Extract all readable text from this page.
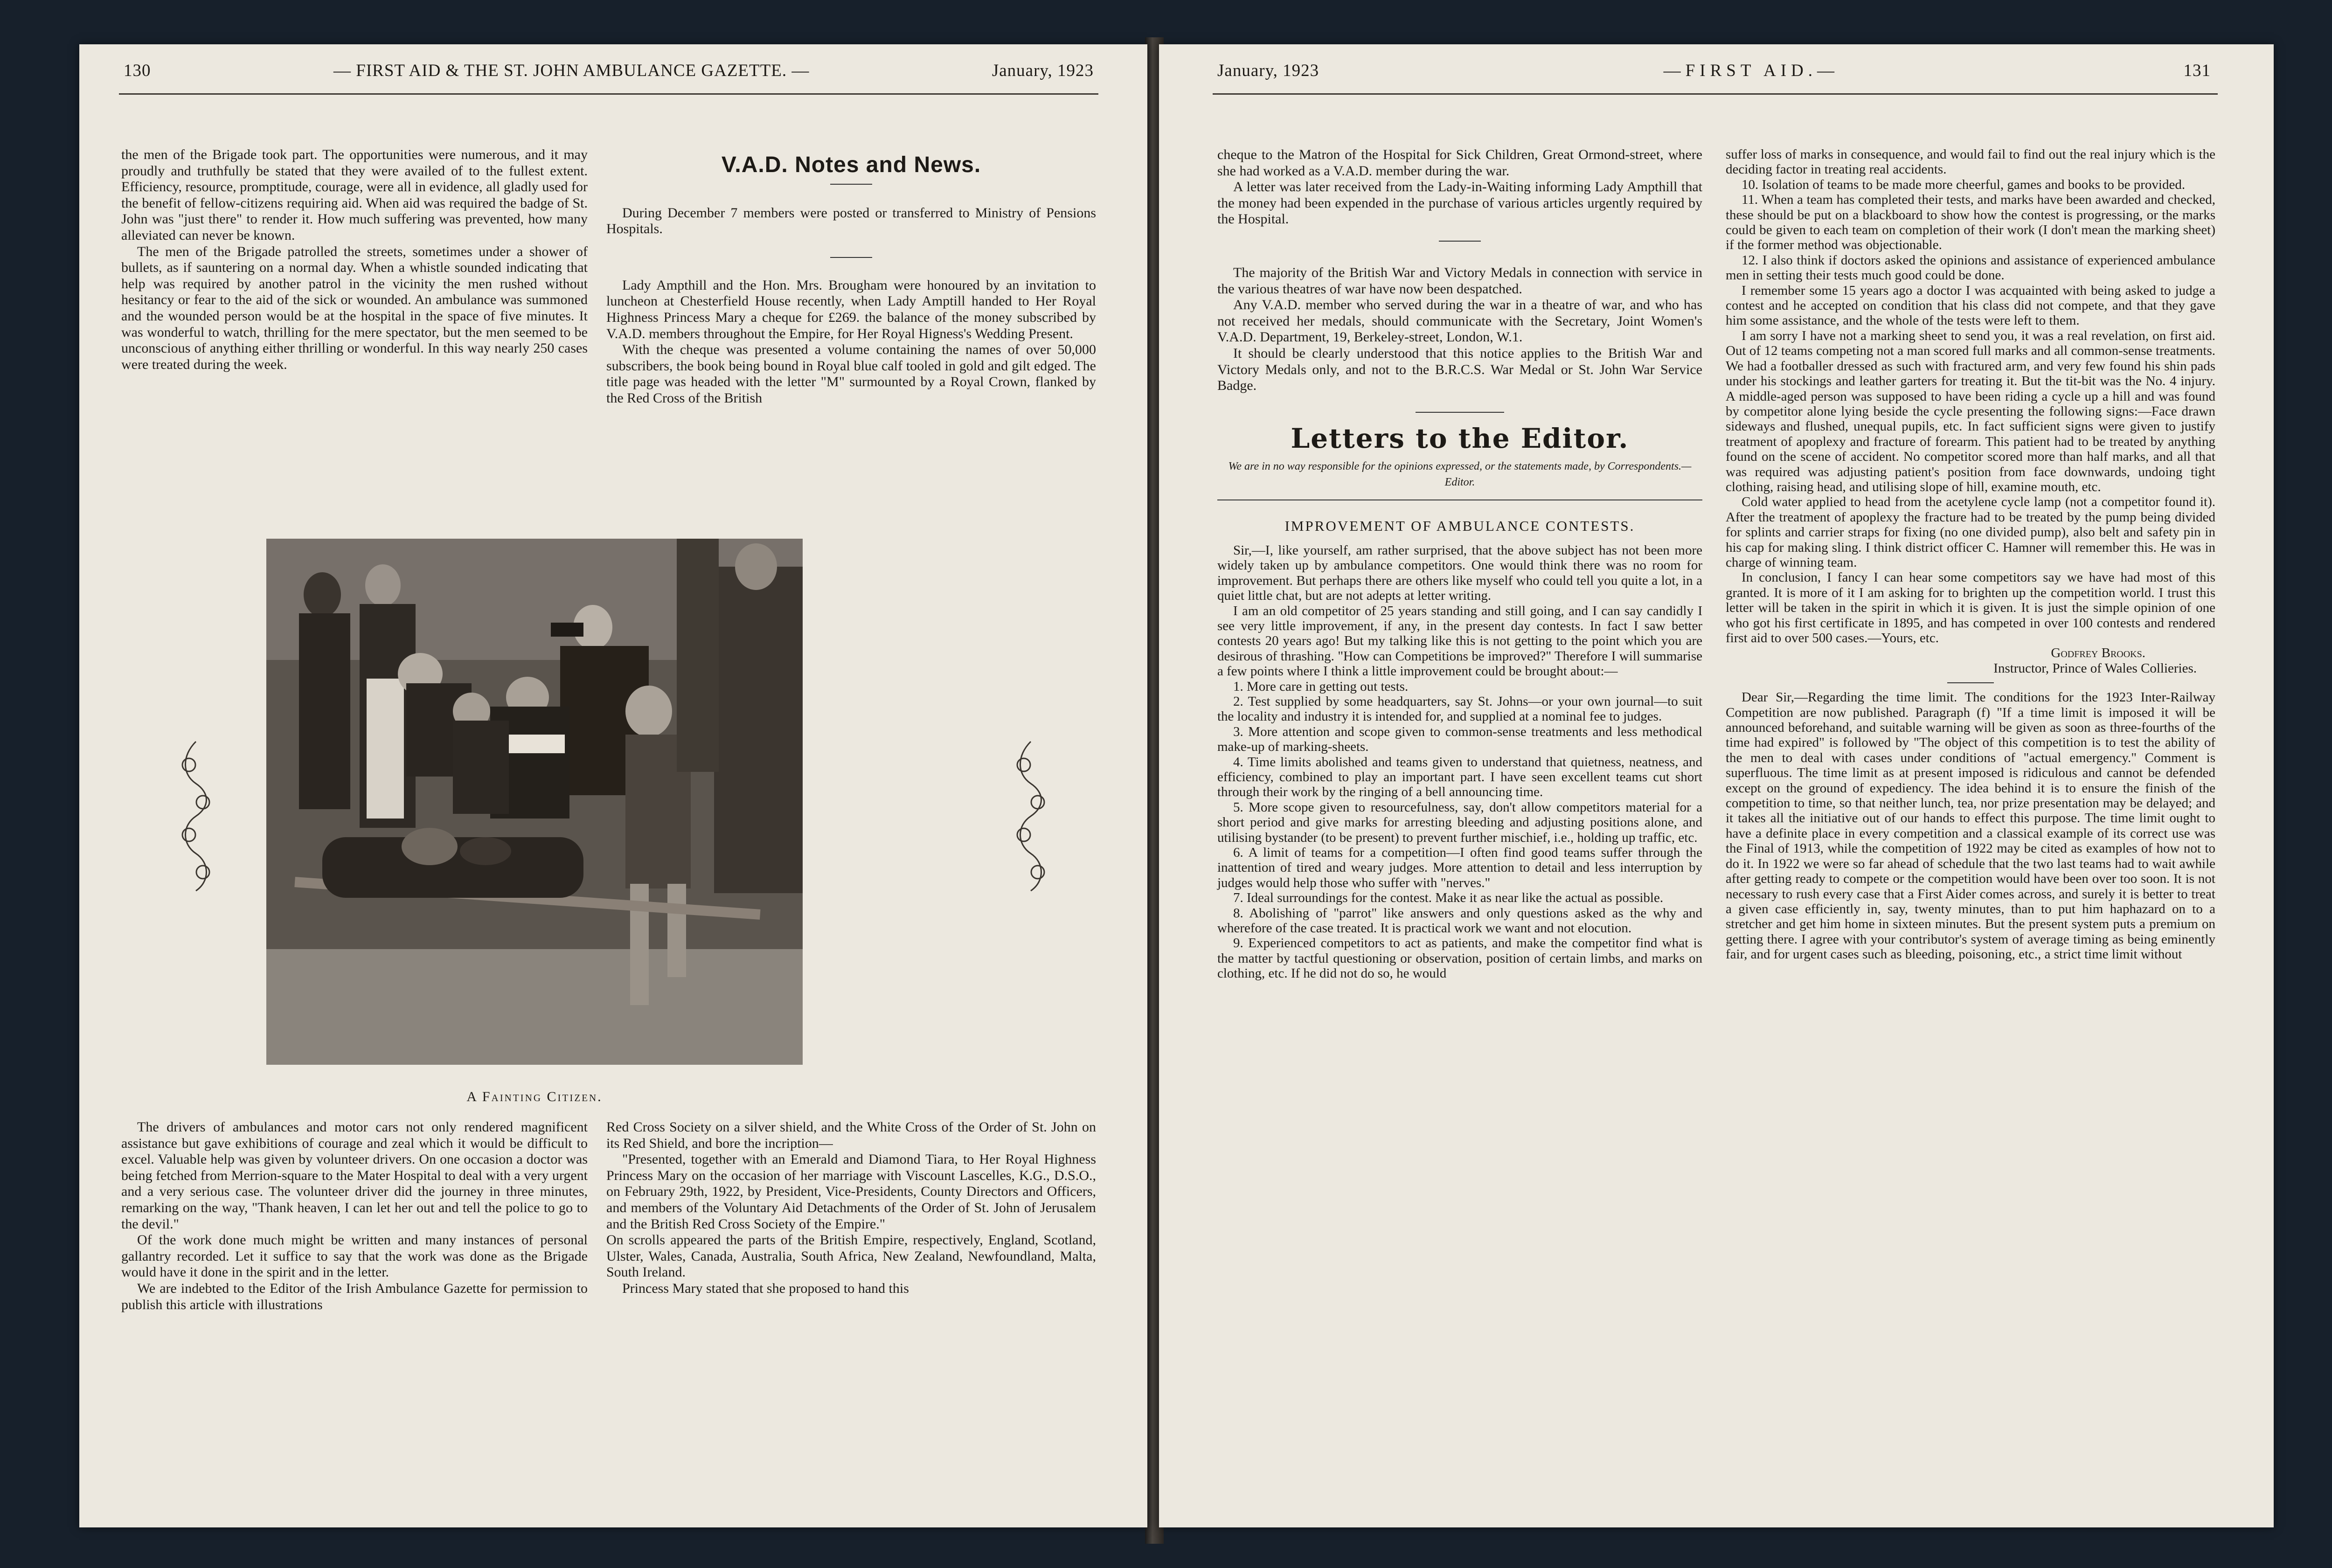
130	— FIRST AID & THE ST. JOHN AMBULANCE GAZETTE. —	January, 1923

the men of the Brigade took part. The opportunities were numerous, and it may proudly and truthfully be stated that they were availed of to the fullest extent. Efficiency, resource, promptitude, courage, were all in evidence, all gladly used for the benefit of fellow-citizens requiring aid. When aid was required the badge of St. John was "just there" to render it. How much suffering was prevented, how many alleviated can never be known.

The men of the Brigade patrolled the streets, sometimes under a shower of bullets, as if sauntering on a normal day. When a whistle sounded indicating that help was required by another patrol in the vicinity the men rushed without hesitancy or fear to the aid of the sick or wounded. An ambulance was summoned and the wounded person would be at the hospital in the space of five minutes. It was wonderful to watch, thrilling for the mere spectator, but the men seemed to be unconscious of anything either thrilling or wonderful. In this way nearly 250 cases were treated during the week.

V.A.D. Notes and News.

During December 7 members were posted or transferred to Ministry of Pensions Hospitals.

Lady Ampthill and the Hon. Mrs. Brougham were honoured by an invitation to luncheon at Chesterfield House recently, when Lady Amptill handed to Her Royal Highness Princess Mary a cheque for £269. the balance of the money subscribed by V.A.D. members throughout the Empire, for Her Royal Higness's Wedding Present.

With the cheque was presented a volume containing the names of over 50,000 subscribers, the book being bound in Royal blue calf tooled in gold and gilt edged. The title page was headed with the letter "M" surmounted by a Royal Crown, flanked by the Red Cross of the British

A Fainting Citizen.

The drivers of ambulances and motor cars not only rendered magnificent assistance but gave exhibitions of courage and zeal which it would be difficult to excel. Valuable help was given by volunteer drivers. On one occasion a doctor was being fetched from Merrion-square to the Mater Hospital to deal with a very urgent and a very serious case. The volunteer driver did the journey in three minutes, remarking on the way, "Thank heaven, I can let her out and tell the police to go to the devil."

Of the work done much might be written and many instances of personal gallantry recorded. Let it suffice to say that the work was done as the Brigade would have it done in the spirit and in the letter.

We are indebted to the Editor of the Irish Ambulance Gazette for permission to publish this article with illustrations

Red Cross Society on a silver shield, and the White Cross of the Order of St. John on its Red Shield, and bore the incription—

"Presented, together with an Emerald and Diamond Tiara, to Her Royal Highness Princess Mary on the occasion of her marriage with Viscount Lascelles, K.G., D.S.O., on February 29th, 1922, by President, Vice-Presidents, County Directors and Officers, and members of the Voluntary Aid Detachments of the Order of St. John of Jerusalem and the British Red Cross Society of the Empire."

On scrolls appeared the parts of the British Empire, respectively, England, Scotland, Ulster, Wales, Canada, Australia, South Africa, New Zealand, Newfoundland, Malta, South Ireland.

Princess Mary stated that she proposed to hand this

January, 1923	—FIRST AID.—	131

cheque to the Matron of the Hospital for Sick Children, Great Ormond-street, where she had worked as a V.A.D. member during the war.

A letter was later received from the Lady-in-Waiting informing Lady Ampthill that the money had been expended in the purchase of various articles urgently required by the Hospital.

The majority of the British War and Victory Medals in connection with service in the various theatres of war have now been despatched.

Any V.A.D. member who served during the war in a theatre of war, and who has not received her medals, should communicate with the Secretary, Joint Women's V.A.D. Department, 19, Berkeley-street, London, W.1.

It should be clearly understood that this notice applies to the British War and Victory Medals only, and not to the B.R.C.S. War Medal or St. John War Service Badge.

Letters to the Editor.
We are in no way responsible for the opinions expressed, or the statements made, by Correspondents.—Editor.
IMPROVEMENT OF AMBULANCE CONTESTS.

Sir,—I, like yourself, am rather surprised, that the above subject has not been more widely taken up by ambulance competitors. One would think there was no room for improvement. But perhaps there are others like myself who could tell you quite a lot, in a quiet little chat, but are not adepts at letter writing.

I am an old competitor of 25 years standing and still going, and I can say candidly I see very little improvement, if any, in the present day contests. In fact I saw better contests 20 years ago! But my talking like this is not getting to the point which you are desirous of thrashing. "How can Competitions be improved?" Therefore I will summarise a few points where I think a little improvement could be brought about:—

1. More care in getting out tests.

2. Test supplied by some headquarters, say St. Johns—or your own journal—to suit the locality and industry it is intended for, and supplied at a nominal fee to judges.

3. More attention and scope given to common-sense treatments and less methodical make-up of marking-sheets.

4. Time limits abolished and teams given to understand that quietness, neatness, and efficiency, combined to play an important part. I have seen excellent teams cut short through their work by the ringing of a bell announcing time.

5. More scope given to resourcefulness, say, don't allow competitors material for a short period and give marks for arresting bleeding and adjusting positions alone, and utilising bystander (to be present) to prevent further mischief, i.e., holding up traffic, etc.

6. A limit of teams for a competition—I often find good teams suffer through the inattention of tired and weary judges. More attention to detail and less interruption by judges would help those who suffer with "nerves."

7. Ideal surroundings for the contest. Make it as near like the actual as possible.

8. Abolishing of "parrot" like answers and only questions asked as the why and wherefore of the case treated. It is practical work we want and not elocution.

9. Experienced competitors to act as patients, and make the competitor find what is the matter by tactful questioning or observation, position of certain limbs, and marks on clothing, etc. If he did not do so, he would

suffer loss of marks in consequence, and would fail to find out the real injury which is the deciding factor in treating real accidents.

10. Isolation of teams to be made more cheerful, games and books to be provided.

11. When a team has completed their tests, and marks have been awarded and checked, these should be put on a blackboard to show how the contest is progressing, or the marks could be given to each team on completion of their work (I don't mean the marking sheet) if the former method was objectionable.

12. I also think if doctors asked the opinions and assistance of experienced ambulance men in setting their tests much good could be done.

I remember some 15 years ago a doctor I was acquainted with being asked to judge a contest and he accepted on condition that his class did not compete, and that they gave him some assistance, and the whole of the tests were left to them.

I am sorry I have not a marking sheet to send you, it was a real revelation, on first aid. Out of 12 teams competing not a man scored full marks and all common-sense treatments. We had a footballer dressed as such with fractured arm, and very few found his shin pads under his stockings and leather garters for treating it. But the tit-bit was the No. 4 injury. A middle-aged person was supposed to have been riding a cycle up a hill and was found by competitor alone lying beside the cycle presenting the following signs:—Face drawn sideways and flushed, unequal pupils, etc. In fact sufficient signs were given to justify treatment of apoplexy and fracture of forearm. This patient had to be treated by anything found on the scene of accident. No competitor scored more than half marks, and all that was required was adjusting patient's position from face downwards, undoing tight clothing, raising head, and utilising slope of hill, examine mouth, etc.

Cold water applied to head from the acetylene cycle lamp (not a competitor found it). After the treatment of apoplexy the fracture had to be treated by the pump being divided for splints and carrier straps for fixing (no one divided pump), also belt and safety pin in his cap for making sling. I think district officer C. Hamner will remember this. He was in charge of winning team.

In conclusion, I fancy I can hear some competitors say we have had most of this granted. It is more of it I am asking for to brighten up the competition world. I trust this letter will be taken in the spirit in which it is given. It is just the simple opinion of one who got his first certificate in 1895, and has competed in over 100 contests and rendered first aid to over 500 cases.—Yours, etc.

Godfrey Brooks.
Instructor, Prince of Wales Collieries.

Dear Sir,—Regarding the time limit. The conditions for the 1923 Inter-Railway Competition are now published. Paragraph (f) "If a time limit is imposed it will be announced beforehand, and suitable warning will be given as soon as three-fourths of the time had expired" is followed by "The object of this competition is to test the ability of the men to deal with cases under conditions of "actual emergency." Comment is superfluous. The time limit as at present imposed is ridiculous and cannot be defended except on the ground of expediency. The idea behind it is to ensure the finish of the competition to time, so that neither lunch, tea, nor prize presentation may be delayed; and it takes all the initiative out of our hands to effect this purpose. The time limit ought to have a definite place in every competition and a classical example of its correct use was the Final of 1913, while the competition of 1922 may be cited as examples of how not to do it. In 1922 we were so far ahead of schedule that the two last teams had to wait awhile after getting ready to compete or the competition would have been over too soon. It is not necessary to rush every case that a First Aider comes across, and surely it is better to treat a given case efficiently in, say, twenty minutes, than to put him haphazard on to a stretcher and get him home in sixteen minutes. But the present system puts a premium on getting there. I agree with your contributor's system of average timing as being eminently fair, and for urgent cases such as bleeding, poisoning, etc., a strict time limit without
